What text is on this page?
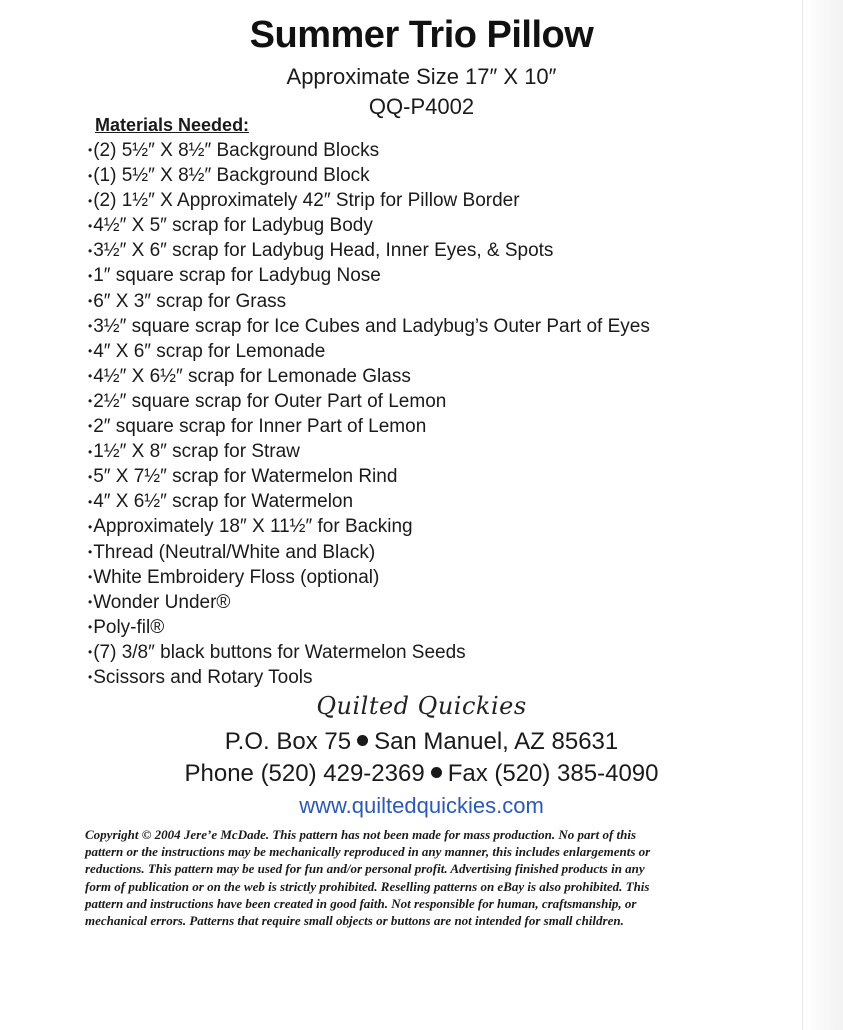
Summer Trio Pillow
Approximate Size 17″ X 10″
QQ-P4002
Materials Needed:
•(2) 5½″ X 8½″ Background Blocks
•(1) 5½″ X 8½″ Background Block
•(2) 1½″ X Approximately 42″ Strip for Pillow Border
•4½″ X 5″ scrap for Ladybug Body
•3½″ X 6″ scrap for Ladybug Head, Inner Eyes, & Spots
•1″ square scrap for Ladybug Nose
•6″ X 3″ scrap for Grass
•3½″ square scrap for Ice Cubes and Ladybug’s Outer Part of Eyes
•4″ X 6″ scrap for Lemonade
•4½″ X 6½″ scrap for Lemonade Glass
•2½″ square scrap for Outer Part of Lemon
•2″ square scrap for Inner Part of Lemon
•1½″ X 8″ scrap for Straw
•5″ X 7½″ scrap for Watermelon Rind
•4″ X 6½″ scrap for Watermelon
•Approximately 18″ X 11½″ for Backing
•Thread (Neutral/White and Black)
•White Embroidery Floss (optional)
•Wonder Under®
•Poly-fil®
•(7) 3/8″ black buttons for Watermelon Seeds
•Scissors and Rotary Tools
Quilted Quickies
P.O. Box 75 San Manuel, AZ 85631
Phone (520) 429-2369 Fax (520) 385-4090
www.quiltedquickies.com

Copyright © 2004 Jere’e McDade. This pattern has not been made for mass production. No part of this
pattern or the instructions may be mechanically reproduced in any manner, this includes enlargements or
reductions. This pattern may be used for fun and/or personal profit. Advertising finished products in any
form of publication or on the web is strictly prohibited. Reselling patterns on eBay is also prohibited. This
pattern and instructions have been created in good faith. Not responsible for human, craftsmanship, or
mechanical errors. Patterns that require small objects or buttons are not intended for small children.
